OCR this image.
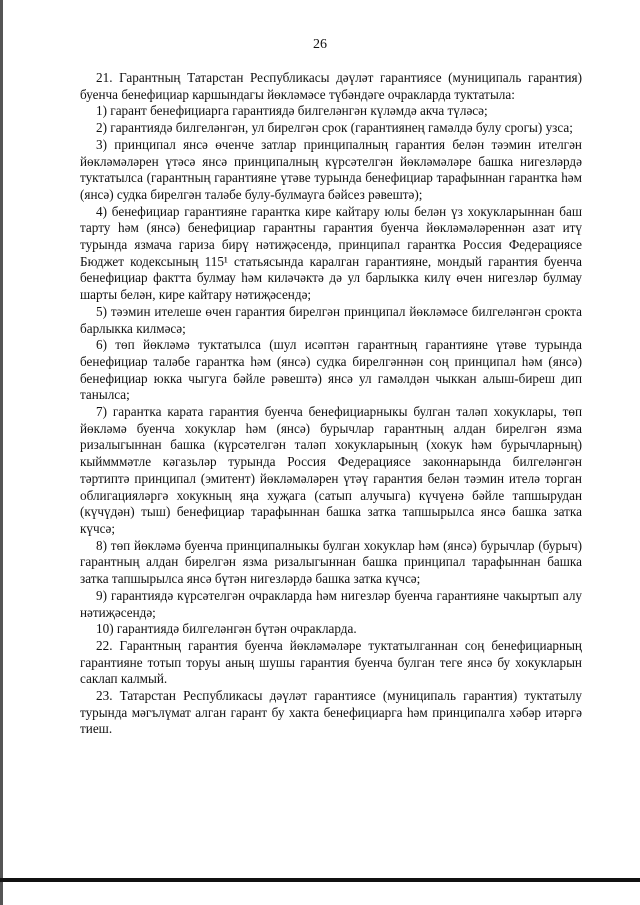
26

21. Гарантның Татарстан Республикасы дәүләт гарантиясе (муниципаль гарантия) буенча бенефициар каршындагы йөкләмәсе түбәндәге очракларда туктатыла:

1) гарант бенефициарга гарантиядә билгеләнгән күләмдә акча түләсә;

2) гарантиядә билгеләнгән, ул бирелгән срок (гарантиянең гамәлдә булу срогы) узса;

3) принципал янсә өченче затлар принципалның гарантия белән тәэмин ителгән йөкләмәләрен үтәсә янсә принципалның күрсәтелгән йөкләмәләре башка нигезләрдә туктатылса (гарантның гарантияне үтәве турында бенефициар тарафыннан гарантка һәм (янсә) судка бирелгән таләбе булу-булмауга бәйсез рәвештә);

4) бенефициар гарантияне гарантка кире кайтару юлы белән үз хокукларыннан баш тарту һәм (янсә) бенефициар гарантны гарантия буенча йөкләмәләреннән азат итү турында язмача гариза бирү нәтиҗәсендә, принципал гарантка Россия Федерациясе Бюджет кодексының 115¹ статьясында каралган гарантияне, мондый гарантия буенча бенефициар фактта булмау һәм киләчәктә дә ул барлыкка килү өчен нигезләр булмау шарты белән, кире кайтару нәтиҗәсендә;

5) тәэмин ителеше өчен гарантия бирелгән принципал йөкләмәсе билгеләнгән срокта барлыкка килмәсә;

6) төп йөкләмә туктатылса (шул исәптән гарантның гарантияне үтәве турында бенефициар таләбе гарантка һәм (янсә) судка бирелгәннән соң принципал һәм (янсә) бенефициар юкка чыгуга бәйле рәвештә) янсә ул гамәлдән чыккан алыш-биреш дип танылса;

7) гарантка карата гарантия буенча бенефициарныкы булган таләп хокуклары, төп йөкләмә буенча хокуклар һәм (янсә) бурычлар гарантның алдан бирелгән язма ризалыгыннан башка (күрсәтелгән таләп хокукларының (хокук һәм бурычларның) кыймммәтле кәгазьләр турында Россия Федерациясе законнарында билгеләнгән тәртиптә принципал (эмитент) йөкләмәләрен үтәү гарантия белән тәэмин ителә торган облигацияләргә хокукның яңа хуҗага (сатып алучыга) күчүенә бәйле тапшырудан (күчүдән) тыш) бенефициар тарафыннан башка затка тапшырылса янсә башка затка күчсә;

8) төп йөкләмә буенча принципалныкы булган хокуклар һәм (янсә) бурычлар (бурыч) гарантның алдан бирелгән язма ризалыгыннан башка принципал тарафыннан башка затка тапшырылса янсә бүтән нигезләрдә башка затка күчсә;

9) гарантиядә күрсәтелгән очракларда һәм нигезләр буенча гарантияне чакыртып алу нәтиҗәсендә;

10) гарантиядә билгеләнгән бүтән очракларда.

22. Гарантның гарантия буенча йөкләмәләре туктатылганнан соң бенефициарның гарантияне тотып торуы аның шушы гарантия буенча булган теге янсә бу хокукларын саклап калмый.

23. Татарстан Республикасы дәүләт гарантиясе (муниципаль гарантия) туктатылу турында мәгълүмат алган гарант бу хакта бенефициарга һәм принципалга хәбәр итәргә тиеш.
